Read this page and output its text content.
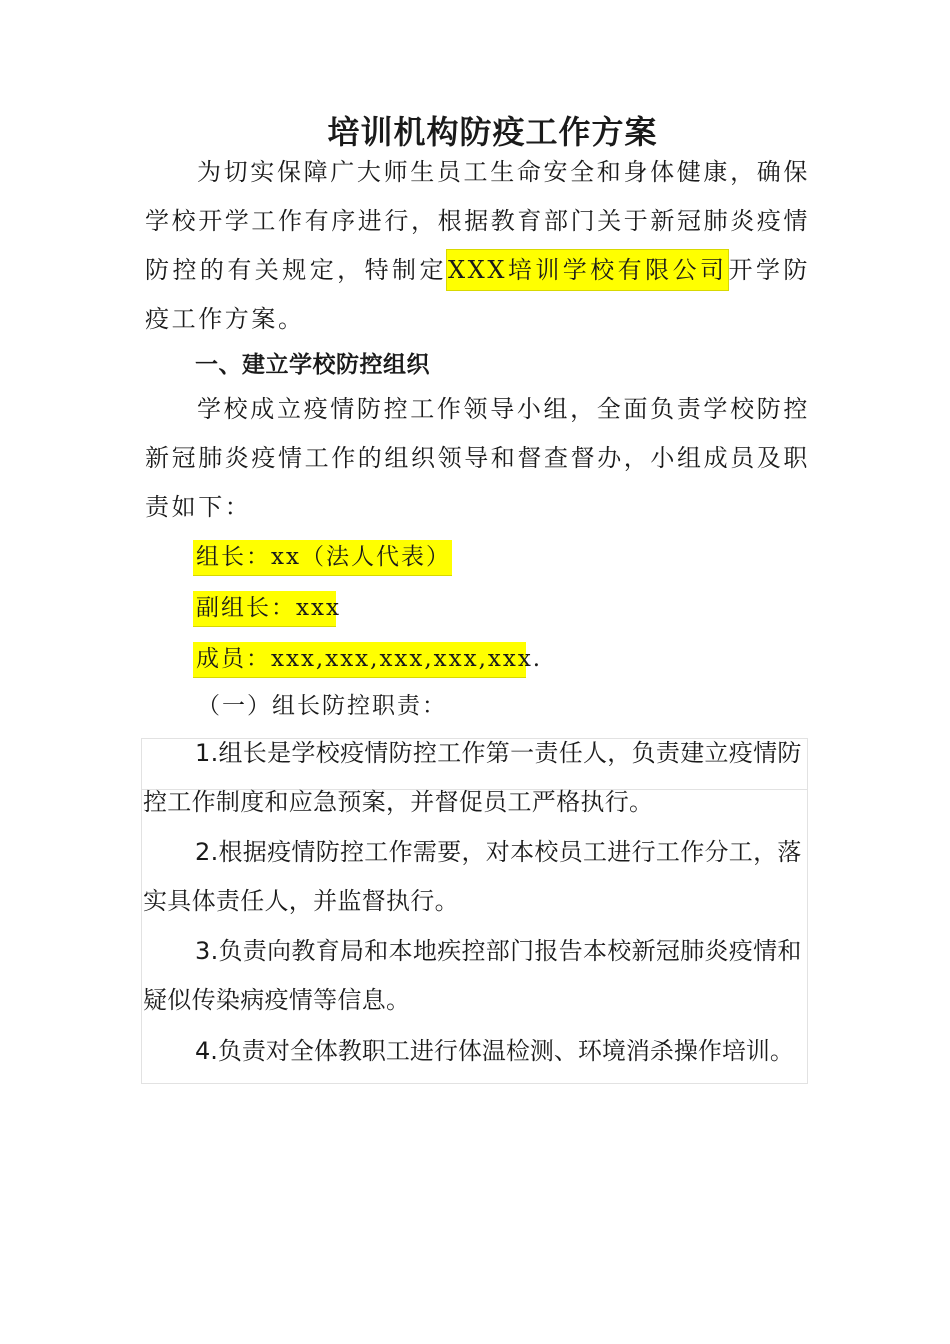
培训机构防疫工作方案

为切实保障广大师生员工生命安全和身体健康，确保学校开学工作有序进行，根据教育部门关于新冠肺炎疫情防控的有关规定，特制定XXX培训学校有限公司开学防疫工作方案。

一、建立学校防控组织

学校成立疫情防控工作领导小组，全面负责学校防控新冠肺炎疫情工作的组织领导和督查督办，小组成员及职责如下：

组长：xx（法人代表）
副组长：xxx
成员：xxx,xxx,xxx,xxx,xxx.

（一）组长防控职责：

1.组长是学校疫情防控工作第一责任人，负责建立疫情防控工作制度和应急预案，并督促员工严格执行。

2.根据疫情防控工作需要，对本校员工进行工作分工，落实具体责任人，并监督执行。

3.负责向教育局和本地疾控部门报告本校新冠肺炎疫情和疑似传染病疫情等信息。

4.负责对全体教职工进行体温检测、环境消杀操作培训。
